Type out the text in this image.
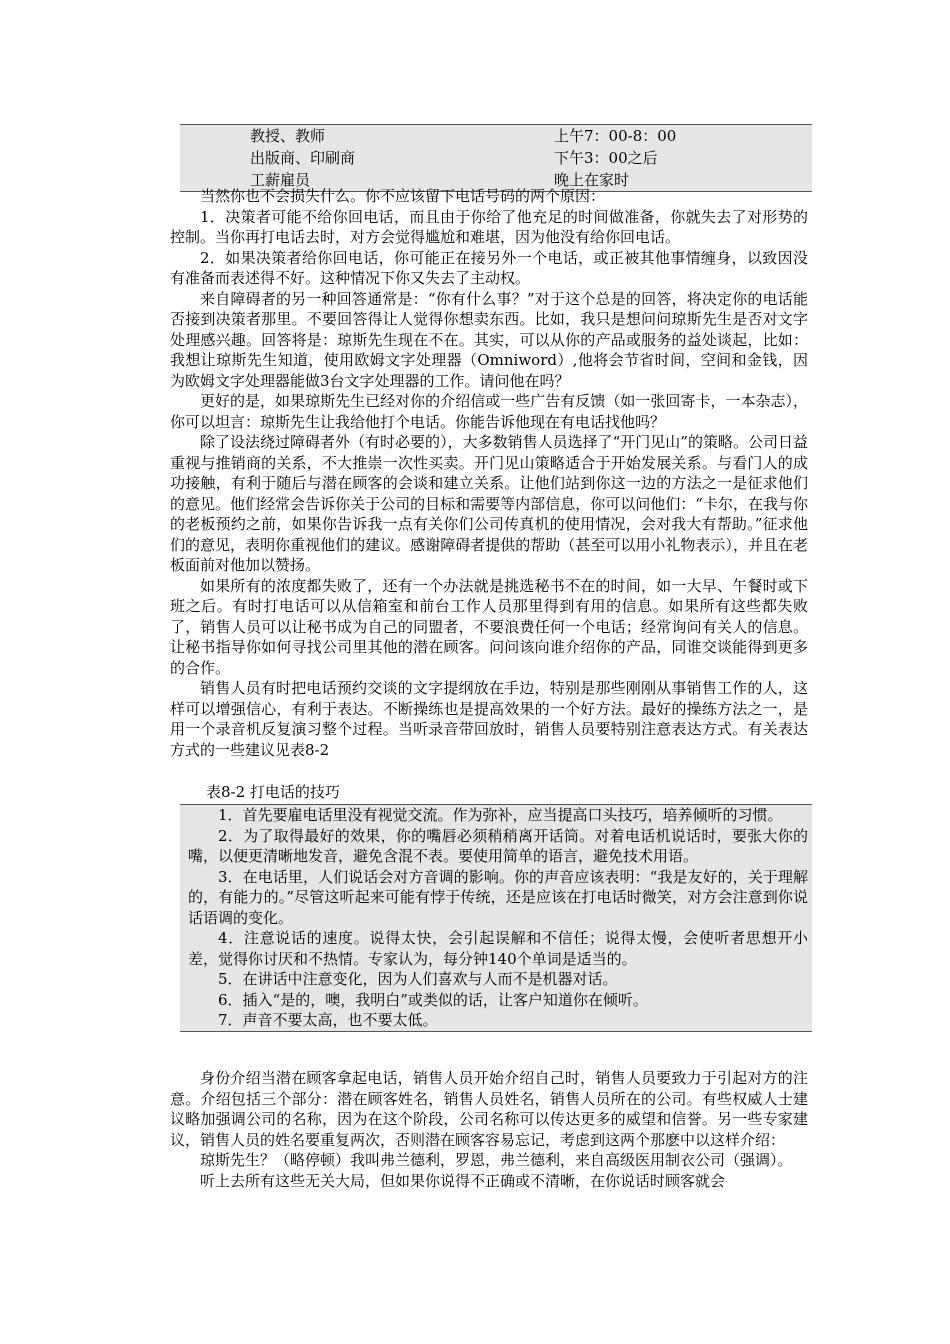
教授、教师	上午7：00-8：00
出版商、印刷商	下午3：00之后
工薪雇员	晚上在家时

当然你也不会损失什么。你不应该留下电话号码的两个原因：

1．决策者可能不给你回电话，而且由于你给了他充足的时间做准备，你就失去了对形势的控制。当你再打电话去时，对方会觉得尴尬和难堪，因为他没有给你回电话。

2．如果决策者给你回电话，你可能正在接另外一个电话，或正被其他事情缠身，以致因没有准备而表述得不好。这种情况下你又失去了主动权。

来自障碍者的另一种回答通常是：“你有什么事？”对于这个总是的回答，将决定你的电话能否接到决策者那里。不要回答得让人觉得你想卖东西。比如，我只是想问问琼斯先生是否对文字处理感兴趣。回答将是：琼斯先生现在不在。其实，可以从你的产品或服务的益处谈起，比如：我想让琼斯先生知道，使用欧姆文字处理器（Omniword）,他将会节省时间，空间和金钱，因为欧姆文字处理器能做3台文字处理器的工作。请问他在吗？

更好的是，如果琼斯先生已经对你的介绍信或一些广告有反馈（如一张回寄卡，一本杂志），你可以坦言：琼斯先生让我给他打个电话。你能告诉他现在有电话找他吗？

除了设法绕过障碍者外（有时必要的），大多数销售人员选择了“开门见山”的策略。公司日益重视与推销商的关系，不大推崇一次性买卖。开门见山策略适合于开始发展关系。与看门人的成功接触，有利于随后与潜在顾客的会谈和建立关系。让他们站到你这一边的方法之一是征求他们的意见。他们经常会告诉你关于公司的目标和需要等内部信息，你可以问他们：“卡尔，在我与你的老板预约之前，如果你告诉我一点有关你们公司传真机的使用情况，会对我大有帮助。”征求他们的意见，表明你重视他们的建议。感谢障碍者提供的帮助（甚至可以用小礼物表示），并且在老板面前对他加以赞扬。

如果所有的浓度都失败了，还有一个办法就是挑选秘书不在的时间，如一大早、午餐时或下班之后。有时打电话可以从信箱室和前台工作人员那里得到有用的信息。如果所有这些都失败了，销售人员可以让秘书成为自己的同盟者，不要浪费任何一个电话；经常询问有关人的信息。让秘书指导你如何寻找公司里其他的潜在顾客。问问该向谁介绍你的产品，同谁交谈能得到更多的合作。

销售人员有时把电话预约交谈的文字提纲放在手边，特别是那些刚刚从事销售工作的人，这样可以增强信心，有利于表达。不断操练也是提高效果的一个好方法。最好的操练方法之一，是用一个录音机反复演习整个过程。当听录音带回放时，销售人员要特别注意表达方式。有关表达方式的一些建议见表8-2

表8-2 打电话的技巧

1．首先要雇电话里没有视觉交流。作为弥补，应当提高口头技巧，培养倾听的习惯。

2．为了取得最好的效果，你的嘴唇必须稍稍离开话筒。对着电话机说话时，要张大你的嘴，以便更清晰地发音，避免含混不表。要使用简单的语言，避免技术用语。

3．在电话里，人们说话会对方音调的影响。你的声音应该表明：“我是友好的，关于理解的，有能力的。”尽管这听起来可能有悖于传统，还是应该在打电话时微笑，对方会注意到你说话语调的变化。

4．注意说话的速度。说得太快，会引起误解和不信任；说得太慢，会使听者思想开小差，觉得你讨厌和不热情。专家认为，每分钟140个单词是适当的。

5．在讲话中注意变化，因为人们喜欢与人而不是机器对话。

6．插入“是的，噢，我明白”或类似的话，让客户知道你在倾听。

7．声音不要太高，也不要太低。

身份介绍当潜在顾客拿起电话，销售人员开始介绍自己时，销售人员要致力于引起对方的注意。介绍包括三个部分：潜在顾客姓名，销售人员姓名，销售人员所在的公司。有些权威人士建议略加强调公司的名称，因为在这个阶段，公司名称可以传达更多的威望和信誉。另一些专家建议，销售人员的姓名要重复两次，否则潜在顾客容易忘记，考虑到这两个那麽中以这样介绍：

琼斯先生？（略停顿）我叫弗兰德利，罗恩，弗兰德利，来自高级医用制衣公司（强调）。

听上去所有这些无关大局，但如果你说得不正确或不清晰，在你说话时顾客就会
